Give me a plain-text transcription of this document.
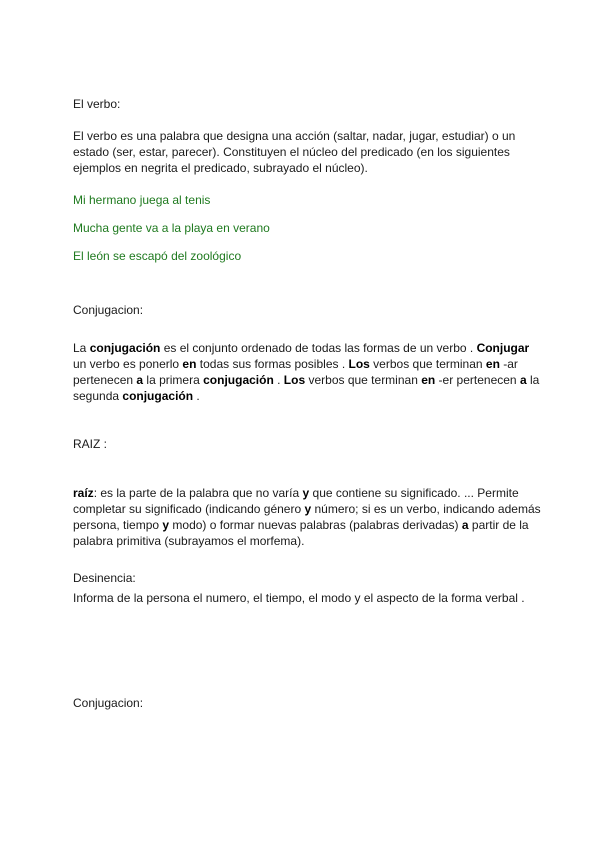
El verbo:
El verbo es una palabra que designa una acción (saltar, nadar, jugar, estudiar) o un estado (ser, estar, parecer). Constituyen el núcleo del predicado (en los siguientes ejemplos en negrita el predicado, subrayado el núcleo).
Mi hermano juega al tenis
Mucha gente va a la playa en verano
El león se escapó del zoológico
Conjugacion:
La conjugación es el conjunto ordenado de todas las formas de un verbo . Conjugar un verbo es ponerlo en todas sus formas posibles . Los verbos que terminan en -ar pertenecen a la primera conjugación . Los verbos que terminan en -er pertenecen a la segunda conjugación .
RAIZ :
raíz: es la parte de la palabra que no varía y que contiene su significado. ... Permite completar su significado (indicando género y número; si es un verbo, indicando además persona, tiempo y modo) o formar nuevas palabras (palabras derivadas) a partir de la palabra primitiva (subrayamos el morfema).
Desinencia:
Informa de la persona el numero, el tiempo, el modo y el aspecto de la forma verbal .
Conjugacion:
